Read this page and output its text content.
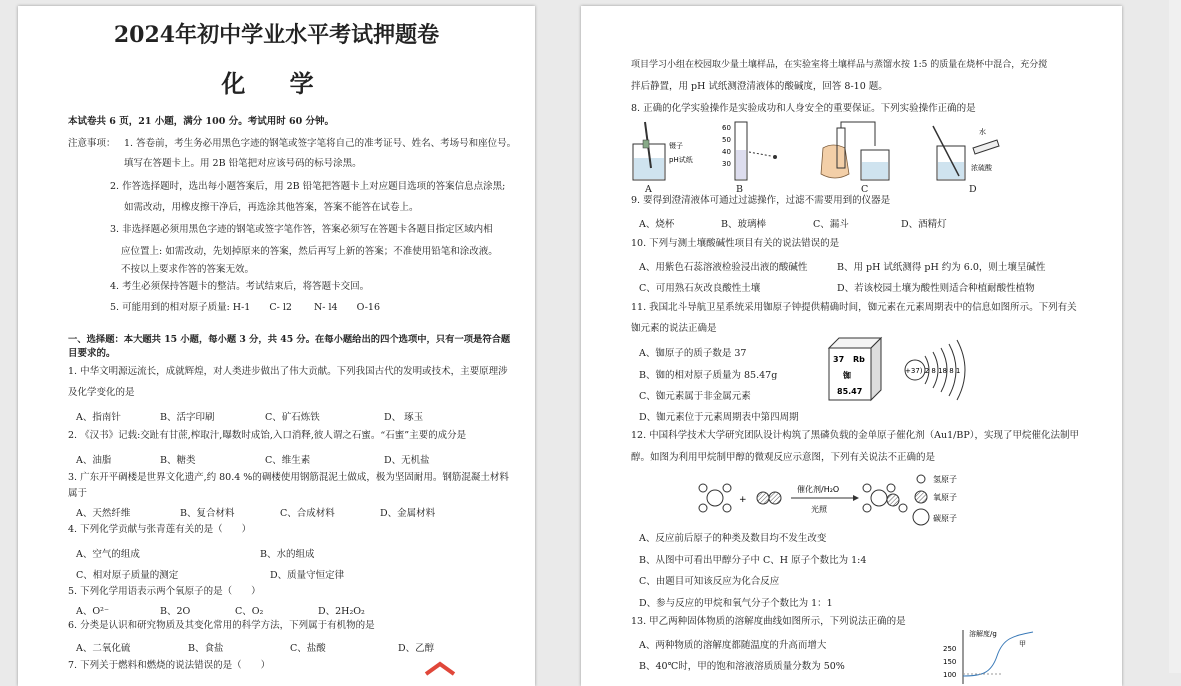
2024年初中学业水平考试押题卷
化 学
本试卷共 6 页，21 小题，满分 100 分。考试用时 60 分钟。
注意事项： 1. 答卷前，考生务必用黑色字迹的钢笔或签字笔将自己的准考证号、姓名、考场号和座位号。
填写在答题卡上。用 2B 铅笔把对应该号码的标号涂黑。
2. 作答选择题时，选出每小题答案后，用 2B 铅笔把答题卡上对应题目选项的答案信息点涂黑;
如需改动，用橡皮擦干净后，再选涂其他答案，答案不能答在试卷上。
3. 非选择题必须用黑色字迹的钢笔或签字笔作答，答案必须写在答题卡各题目指定区域内相
应位置上: 如需改动，先划掉原来的答案，然后再写上新的答案；不准使用铅笔和涂改液。
不按以上要求作答的答案无效。
4. 考生必须保持答题卡的整洁。考试结束后，将答题卡交回。
5. 可能用到的相对原子质量: H-1　　C- l2　　 N- l4　　O-16
一、选择题：本大题共 15 小题，每小题 3 分，共 45 分。在每小题给出的四个选项中，只有一项是符合题
目要求的。
1. 中华文明源远流长，成就辉煌，对人类进步做出了伟大贡献。下列我国古代的发明或技术，主要原理涉
及化学变化的是
A、指南针	B、活字印刷	C、矿石炼铁	D、 琢玉
2. 《汉书》记载:交趾有甘蔗,榨取汁,曝数时成饴,入口消释,彼人谓之石蜜。“石蜜”主要的成分是
A、油脂	B、糖类	C、维生素	D、无机盐
3. 广东开平碉楼是世界文化遗产,约 80.4 %的碉楼使用钢筋混泥土做成，极为坚固耐用。钢筋混凝土材料
属于
A、天然纤维	B、复合材料	C、合成材料	D、金属材料
4. 下列化学贡献与张青莲有关的是（　　）
A、空气的组成	B、水的组成
C、相对原子质量的测定	D、质量守恒定律
5. 下列化学用语表示两个氧原子的是（　　）
A、O²⁻	B、2O	C、O₂	D、2H₂O₂
6. 分类是认识和研究物质及其变化常用的科学方法，下列属于有机物的是
A、二氧化硫	B、食盐	C、盐酸	D、乙醇
7. 下列关于燃料和燃烧的说法错误的是（　　）
项目学习小组在校园取少量土壤样品，在实验室将土壤样品与蒸馏水按 1:5 的质量在烧杯中混合，充分搅
拌后静置，用 pH 试纸测澄清液体的酸碱度，回答 8-10 题。
8. 正确的化学实验操作是实验成功和人身安全的重要保证。下列实验操作正确的是
镊子
pH试纸
60
50
40
30
水
浓硫酸
A	B	C	D
9. 要得到澄清液体可通过过滤操作，过滤不需要用到的仪器是
A、烧杯	B、玻璃棒	C、漏斗	D、酒精灯
10. 下列与测土壤酸碱性项目有关的说法错误的是
A、用紫色石蕊溶液检验浸出液的酸碱性	B、用 pH 试纸测得 pH 约为 6.0，则土壤呈碱性
C、可用熟石灰改良酸性土壤	D、若该校园土壤为酸性则适合种植耐酸性植物
11. 我国北斗导航卫星系统采用铷原子钟提供精确时间，铷元素在元素周期表中的信息如图所示。下列有关
铷元素的说法正确是
A、铷原子的质子数是 37
B、铷的相对原子质量为 85.47g
C、铷元素属于非金属元素
D、铷元素位于元素周期表中第四周期
37 Rb
铷
85.47
+37) 2 8 18 8 1
12. 中国科学技术大学研究团队设计构筑了黑磷负载的金单原子催化剂（Au1/BP），实现了甲烷催化法制甲
醇。如图为利用甲烷制甲醇的微观反应示意图，下列有关说法不正确的是
+
催化剂/H₂O
光照
氢原子
氧原子
碳原子
A、反应前后原子的种类及数目均不发生改变
B、从图中可看出甲醇分子中 C、H 原子个数比为 1:4
C、由题目可知该反应为化合反应
D、参与反应的甲烷和氧气分子个数比为 1：1
13. 甲乙两种固体物质的溶解度曲线如图所示，下列说法正确的是
A、两种物质的溶解度都随温度的升高而增大
B、40℃时，甲的饱和溶液溶质质量分数为 50%
溶解度/g
250
150
100
甲
